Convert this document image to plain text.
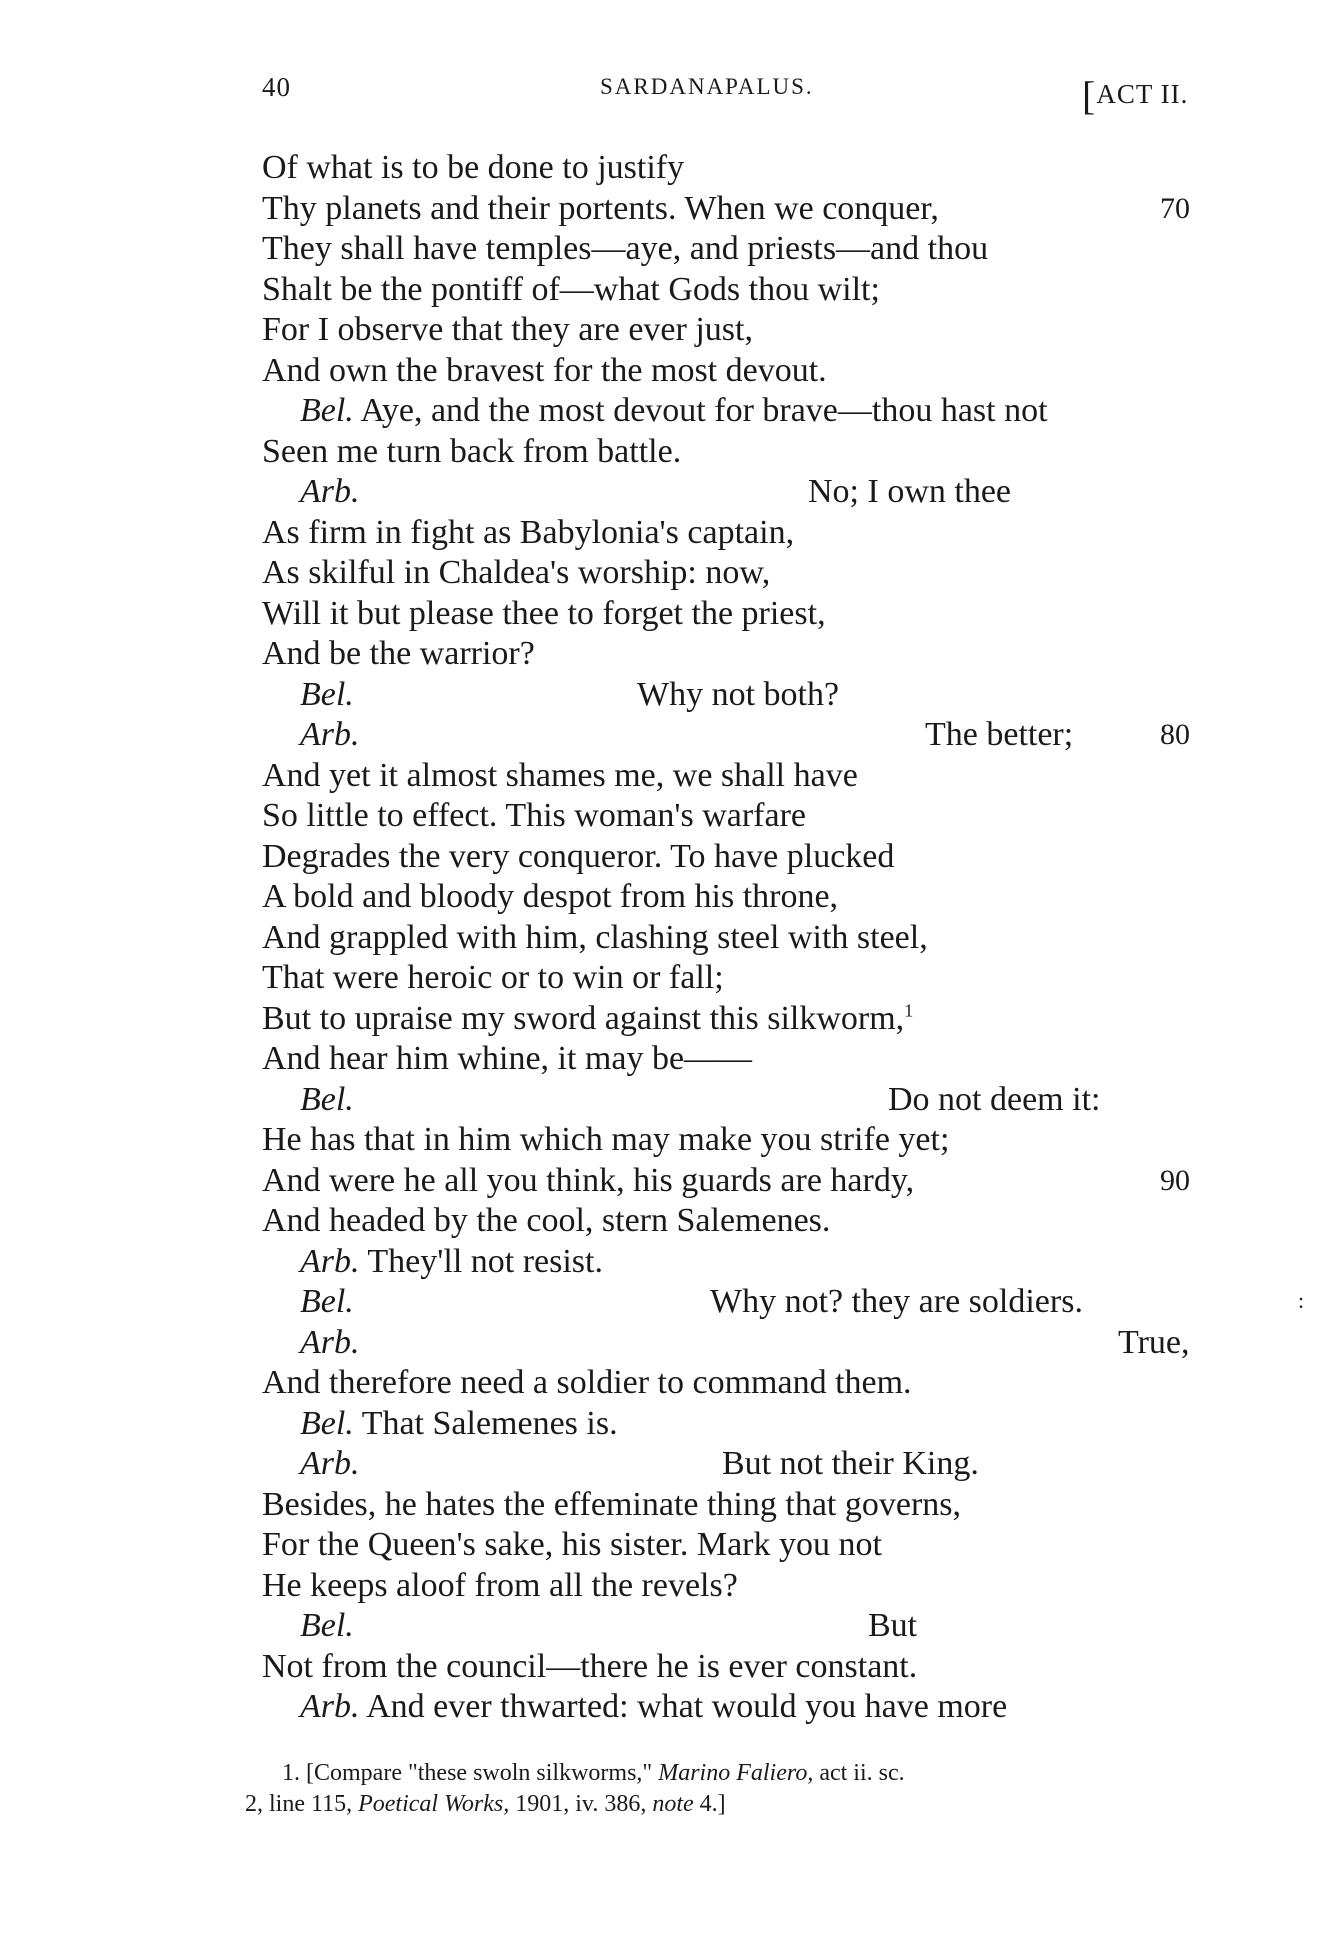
40	SARDANAPALUS.	[ACT II.
Of what is to be done to justify
Thy planets and their portents. When we conquer,	70
They shall have temples—aye, and priests—and thou
Shalt be the pontiff of—what Gods thou wilt;
For I observe that they are ever just,
And own the bravest for the most devout.
Bel. Aye, and the most devout for brave—thou hast not
Seen me turn back from battle.
Arb.	No; I own thee
As firm in fight as Babylonia's captain,
As skilful in Chaldea's worship: now,
Will it but please thee to forget the priest,
And be the warrior?
Bel.	Why not both?
Arb.	The better;	80
And yet it almost shames me, we shall have
So little to effect. This woman's warfare
Degrades the very conqueror. To have plucked
A bold and bloody despot from his throne,
And grappled with him, clashing steel with steel,
That were heroic or to win or fall;
But to upraise my sword against this silkworm,$^1$
And hear him whine, it may be——
Bel.	Do not deem it:
He has that in him which may make you strife yet;
And were he all you think, his guards are hardy,	90
And headed by the cool, stern Salemenes.
Arb. They'll not resist.
Bel.	Why not? they are soldiers.
Arb.	True,
And therefore need a soldier to command them.
Bel. That Salemenes is.
Arb.	But not their King.
Besides, he hates the effeminate thing that governs,
For the Queen's sake, his sister. Mark you not
He keeps aloof from all the revels?
Bel.	But
Not from the council—there he is ever constant.
Arb. And ever thwarted: what would you have more
:
1. [Compare "these swoln silkworms," Marino Faliero, act ii. sc.
2, line 115, Poetical Works, 1901, iv. 386, note 4.]
